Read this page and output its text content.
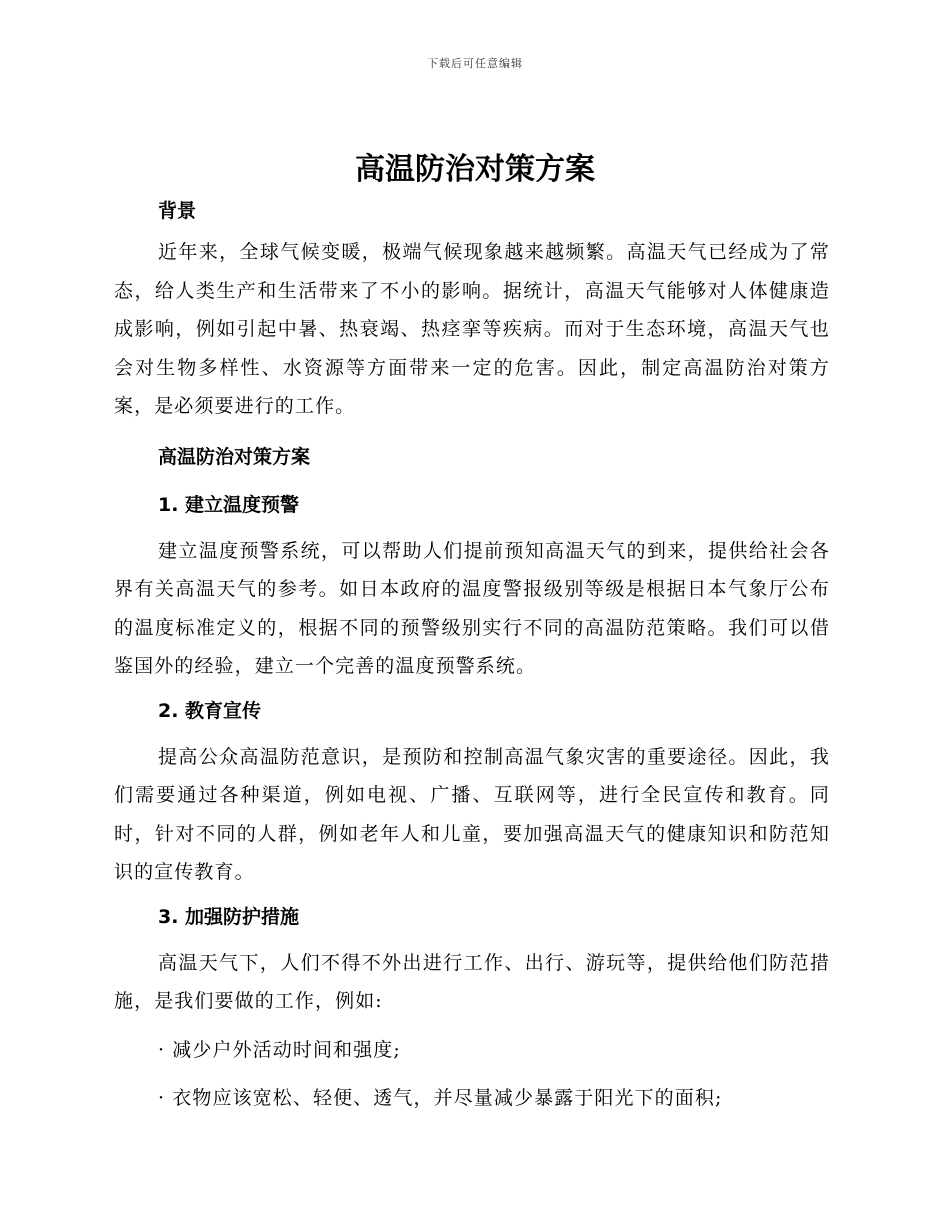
下载后可任意编辑
高温防治对策方案
背景

近年来，全球气候变暖，极端气候现象越来越频繁。高温天气已经成为了常态，给人类生产和生活带来了不小的影响。据统计，高温天气能够对人体健康造成影响，例如引起中暑、热衰竭、热痉挛等疾病。而对于生态环境，高温天气也会对生物多样性、水资源等方面带来一定的危害。因此，制定高温防治对策方案，是必须要进行的工作。

高温防治对策方案
1. 建立温度预警

建立温度预警系统，可以帮助人们提前预知高温天气的到来，提供给社会各界有关高温天气的参考。如日本政府的温度警报级别等级是根据日本气象厅公布的温度标准定义的，根据不同的预警级别实行不同的高温防范策略。我们可以借鉴国外的经验，建立一个完善的温度预警系统。

2. 教育宣传

提高公众高温防范意识，是预防和控制高温气象灾害的重要途径。因此，我们需要通过各种渠道，例如电视、广播、互联网等，进行全民宣传和教育。同时，针对不同的人群，例如老年人和儿童，要加强高温天气的健康知识和防范知识的宣传教育。

3. 加强防护措施

高温天气下，人们不得不外出进行工作、出行、游玩等，提供给他们防范措施，是我们要做的工作，例如:

· 减少户外活动时间和强度;

· 衣物应该宽松、轻便、透气，并尽量减少暴露于阳光下的面积;
